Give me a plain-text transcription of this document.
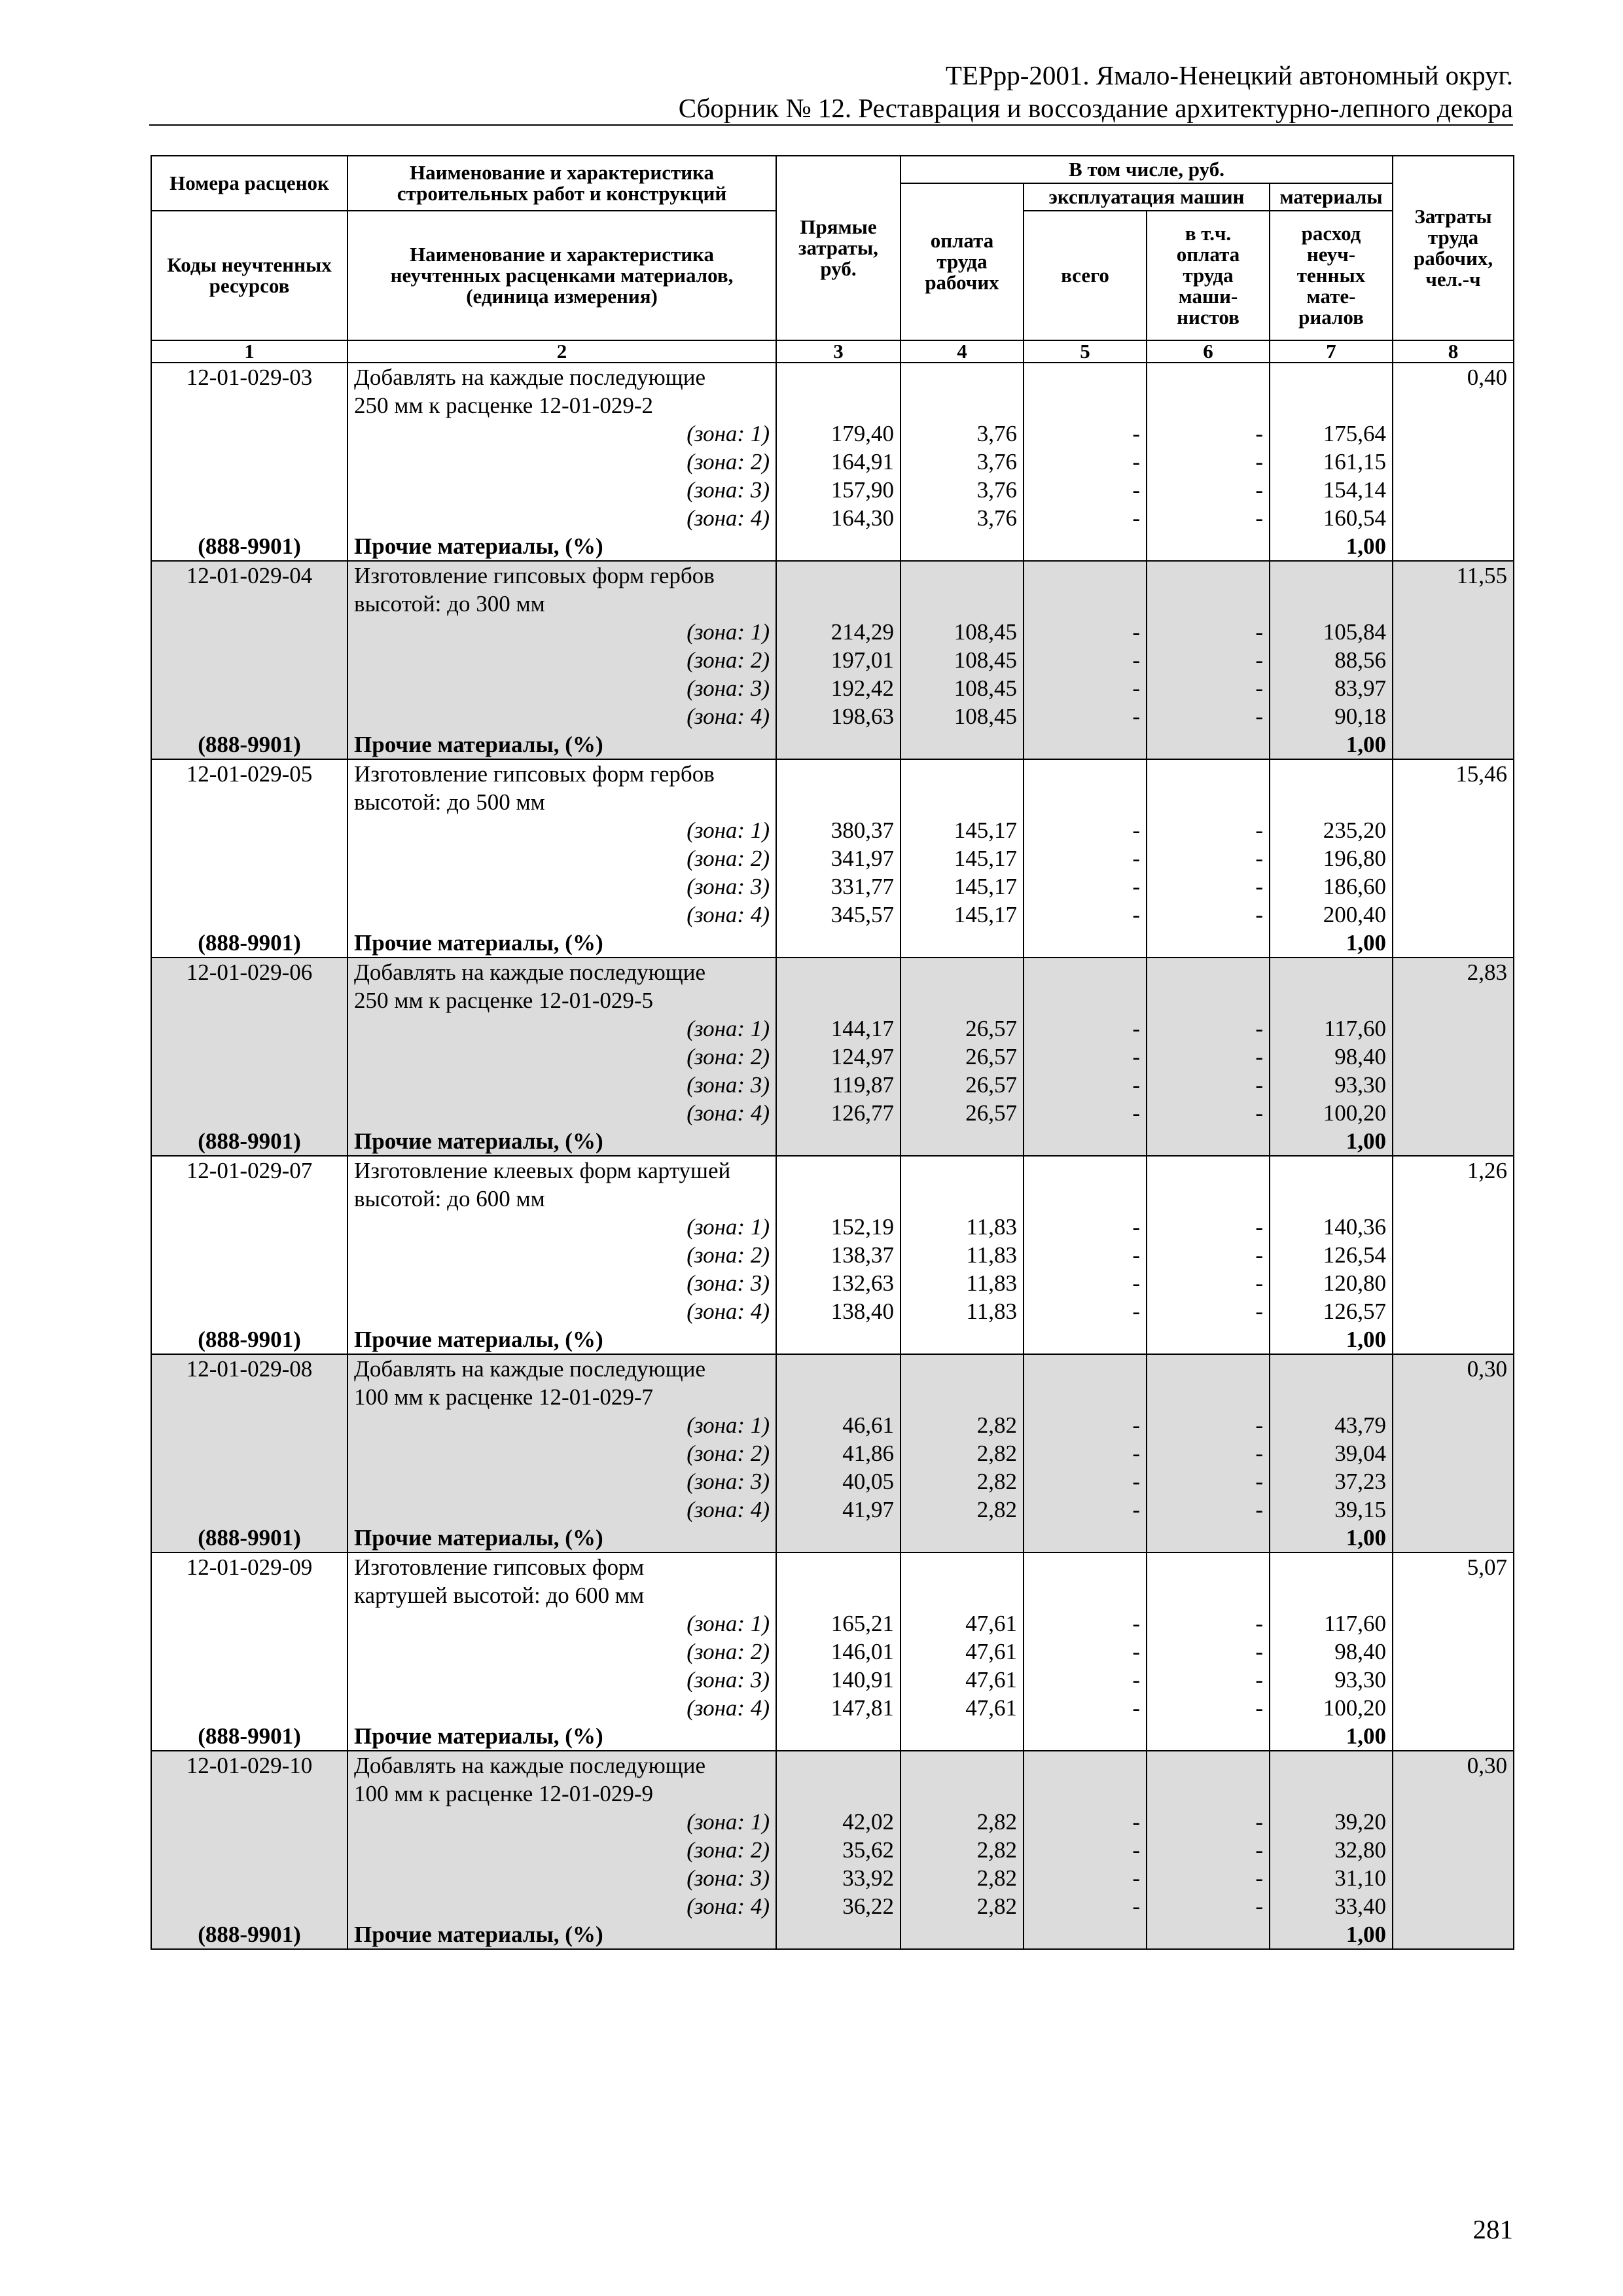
ТЕРрр-2001. Ямало-Ненецкий автономный округ.
Сборник № 12. Реставрация и воссоздание архитектурно-лепного декора
Номера расценок	Наименование и характеристика строительных работ и конструкций	Прямые затраты, руб.	В том числе, руб.				Затраты труда рабочих, чел.-ч
			оплата труда рабочих	эксплуатация машин		материалы	
Коды неучтенных ресурсов	Наименование и характеристика неучтенных расценками материалов, (единица измерения)			всего	в т.ч. оплата труда маши- нистов	расход неуч- тенных мате- риалов	
1	2	3	4	5	6	7	8
12-01-029-03	Добавлять на каждые последующие						0,40
	250 мм к расценке 12-01-029-2						
	(зона: 1)	179,40	3,76	-	-	175,64	
	(зона: 2)	164,91	3,76	-	-	161,15	
	(зона: 3)	157,90	3,76	-	-	154,14	
	(зона: 4)	164,30	3,76	-	-	160,54	
(888-9901)	Прочие материалы, (%)					1,00	
12-01-029-04	Изготовление гипсовых форм гербов						11,55
	высотой: до 300 мм						
	(зона: 1)	214,29	108,45	-	-	105,84	
	(зона: 2)	197,01	108,45	-	-	88,56	
	(зона: 3)	192,42	108,45	-	-	83,97	
	(зона: 4)	198,63	108,45	-	-	90,18	
(888-9901)	Прочие материалы, (%)					1,00	
12-01-029-05	Изготовление гипсовых форм гербов						15,46
	высотой: до 500 мм						
	(зона: 1)	380,37	145,17	-	-	235,20	
	(зона: 2)	341,97	145,17	-	-	196,80	
	(зона: 3)	331,77	145,17	-	-	186,60	
	(зона: 4)	345,57	145,17	-	-	200,40	
(888-9901)	Прочие материалы, (%)					1,00	
12-01-029-06	Добавлять на каждые последующие						2,83
	250 мм к расценке 12-01-029-5						
	(зона: 1)	144,17	26,57	-	-	117,60	
	(зона: 2)	124,97	26,57	-	-	98,40	
	(зона: 3)	119,87	26,57	-	-	93,30	
	(зона: 4)	126,77	26,57	-	-	100,20	
(888-9901)	Прочие материалы, (%)					1,00	
12-01-029-07	Изготовление клеевых форм картушей						1,26
	высотой: до 600 мм						
	(зона: 1)	152,19	11,83	-	-	140,36	
	(зона: 2)	138,37	11,83	-	-	126,54	
	(зона: 3)	132,63	11,83	-	-	120,80	
	(зона: 4)	138,40	11,83	-	-	126,57	
(888-9901)	Прочие материалы, (%)					1,00	
12-01-029-08	Добавлять на каждые последующие						0,30
	100 мм к расценке 12-01-029-7						
	(зона: 1)	46,61	2,82	-	-	43,79	
	(зона: 2)	41,86	2,82	-	-	39,04	
	(зона: 3)	40,05	2,82	-	-	37,23	
	(зона: 4)	41,97	2,82	-	-	39,15	
(888-9901)	Прочие материалы, (%)					1,00	
12-01-029-09	Изготовление гипсовых форм						5,07
	картушей высотой: до 600 мм						
	(зона: 1)	165,21	47,61	-	-	117,60	
	(зона: 2)	146,01	47,61	-	-	98,40	
	(зона: 3)	140,91	47,61	-	-	93,30	
	(зона: 4)	147,81	47,61	-	-	100,20	
(888-9901)	Прочие материалы, (%)					1,00	
12-01-029-10	Добавлять на каждые последующие						0,30
	100 мм к расценке 12-01-029-9						
	(зона: 1)	42,02	2,82	-	-	39,20	
	(зона: 2)	35,62	2,82	-	-	32,80	
	(зона: 3)	33,92	2,82	-	-	31,10	
	(зона: 4)	36,22	2,82	-	-	33,40	
(888-9901)	Прочие материалы, (%)					1,00	
281
